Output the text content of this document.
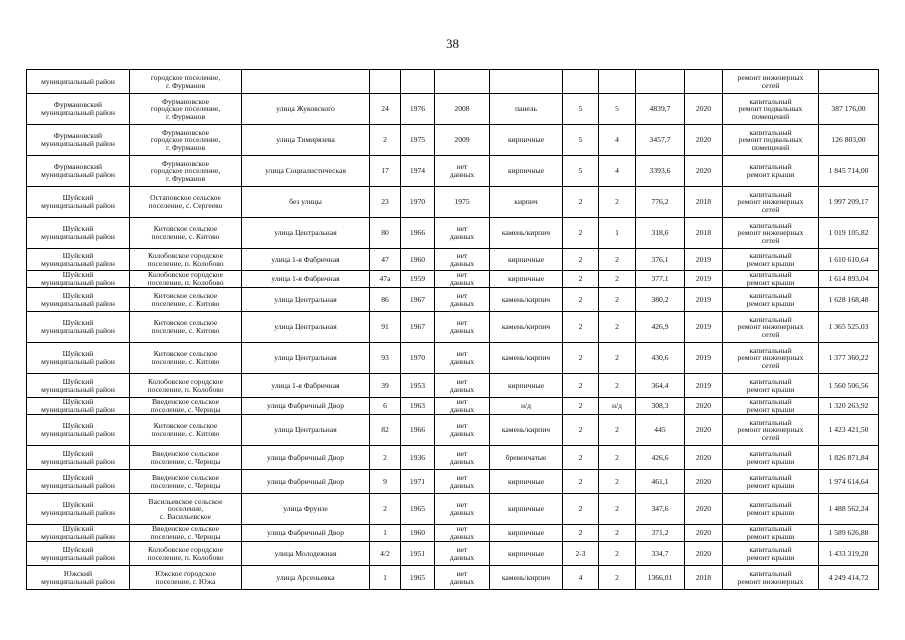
38
муниципальный район	городское поселение,
г. Фурманов										ремонт инженерных
сетей	
Фурмановский
муниципальный район	Фурмановское
городское поселение,
г. Фурманов	улица Жуковского	24	1976	2008	панель	5	5	4839,7	2020	капитальный
ремонт подвальных
помещений	387 176,00
Фурмановский
муниципальный район	Фурмановское
городское поселение,
г. Фурманов	улица Тимирязева	2	1975	2009	кирпичные	5	4	3457,7	2020	капитальный
ремонт подвальных
помещений	126 803,00
Фурмановский
муниципальный район	Фурмановское
городское поселение,
г. Фурманов	улица Социалистическая	17	1974	нет
данных	кирпичные	5	4	3393,6	2020	капитальный
ремонт крыши	1 845 714,00
Шуйский
муниципальный район	Остаповское сельское
поселение, с. Сергеево	без улицы	23	1970	1975	кирпич	2	2	776,2	2018	капитальный
ремонт инженерных
сетей	1 997 209,17
Шуйский
муниципальный район	Китовское сельское
поселение, с. Китово	улица Центральная	80	1966	нет
данных	камень/кирпич	2	1	318,6	2018	капитальный
ремонт инженерных
сетей	1 019 105,82
Шуйский
муниципальный район	Колобовское городское
поселение, п. Колобово	улица 1-я Фабричная	47	1960	нет
данных	кирпичные	2	2	376,1	2019	капитальный
ремонт крыши	1 610 610,64
Шуйский
муниципальный район	Колобовское городское
поселение, п. Колобово	улица 1-я Фабричная	47а	1959	нет
данных	кирпичные	2	2	377,1	2019	капитальный
ремонт крыши	1 614 893,04
Шуйский
муниципальный район	Китовское сельское
поселение, с. Китово	улица Центральная	86	1967	нет
данных	камень/кирпич	2	2	380,2	2019	капитальный
ремонт крыши	1 628 168,48
Шуйский
муниципальный район	Китовское сельское
поселение, с. Китово	улица Центральная	91	1967	нет
данных	камень/кирпич	2	2	426,9	2019	капитальный
ремонт инженерных
сетей	1 365 525,03
Шуйский
муниципальный район	Китовское сельское
поселение, с. Китово	улица Центральная	93	1970	нет
данных	камень/кирпич	2	2	430,6	2019	капитальный
ремонт инженерных
сетей	1 377 360,22
Шуйский
муниципальный район	Колобовское городское
поселение, п. Колобово	улица 1-я Фабричная	39	1953	нет
данных	кирпичные	2	2	364,4	2019	капитальный
ремонт крыши	1 560 506,56
Шуйский
муниципальный район	Введенское сельское
поселение, с. Чернцы	улица Фабричный Двор	6	1963	нет
данных	н/д	2	н/д	308,3	2020	капитальный
ремонт крыши	1 320 263,92
Шуйский
муниципальный район	Китовское сельское
поселение, с. Китово	улица Центральная	82	1966	нет
данных	камень/кирпич	2	2	445	2020	капитальный
ремонт инженерных
сетей	1 423 421,50
Шуйский
муниципальный район	Введенское сельское
поселение, с. Чернцы	улица Фабричный Двор	2	1936	нет
данных	бревенчатые	2	2	426,6	2020	капитальный
ремонт крыши	1 826 871,84
Шуйский
муниципальный район	Введенское сельское
поселение, с. Чернцы	улица Фабричный Двор	9	1971	нет
данных	кирпичные	2	2	461,1	2020	капитальный
ремонт крыши	1 974 614,64
Шуйский
муниципальный район	Васильевское сельское
поселение,
с. Васильевское	улица Фрунзе	2	1965	нет
данных	кирпичные	2	2	347,6	2020	капитальный
ремонт крыши	1 488 562,24
Шуйский
муниципальный район	Введенское сельское
поселение, с. Чернцы	улица Фабричный Двор	1	1960	нет
данных	кирпичные	2	2	371,2	2020	капитальный
ремонт крыши	1 589 626,88
Шуйский
муниципальный район	Колобовское городское
поселение, п. Колобово	улица Молодежная	4/2	1951	нет
данных	кирпичные	2-3	2	334,7	2020	капитальный
ремонт крыши	1 433 319,28
Южский
муниципальный район	Южское городское
поселение, г. Южа	улица Арсеньевка	1	1965	нет
данных	камень/кирпич	4	2	1366,01	2018	капитальный
ремонт инженерных	4 249 414,72
